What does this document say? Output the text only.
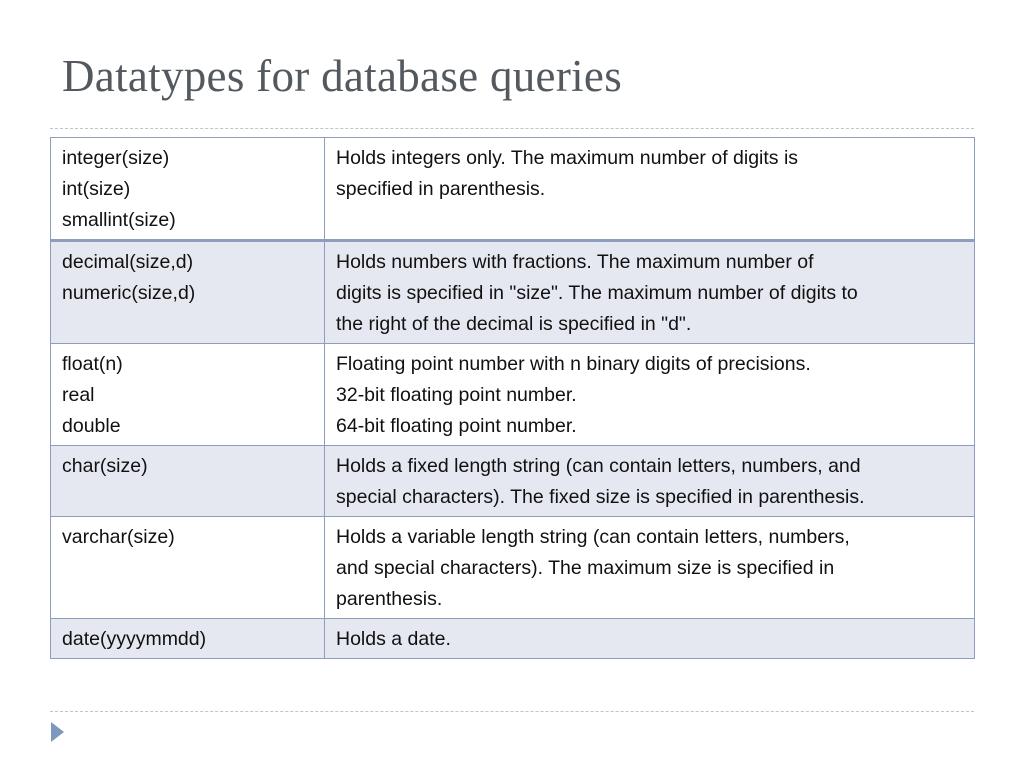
Datatypes for database queries
integer(size)
int(size)
smallint(size)	Holds integers only. The maximum number of digits is
specified in parenthesis.

decimal(size,d)
numeric(size,d)	Holds numbers with fractions. The maximum number of
digits is specified in "size". The maximum number of digits to
the right of the decimal is specified in "d".

float(n)
real
double	Floating point number with n binary digits of precisions.
32-bit floating point number.
64-bit floating point number.

char(size)	Holds a fixed length string (can contain letters, numbers, and
special characters). The fixed size is specified in parenthesis.

varchar(size)	Holds a variable length string (can contain letters, numbers,
and special characters). The maximum size is specified in
parenthesis.

date(yyyymmdd)	Holds a date.
